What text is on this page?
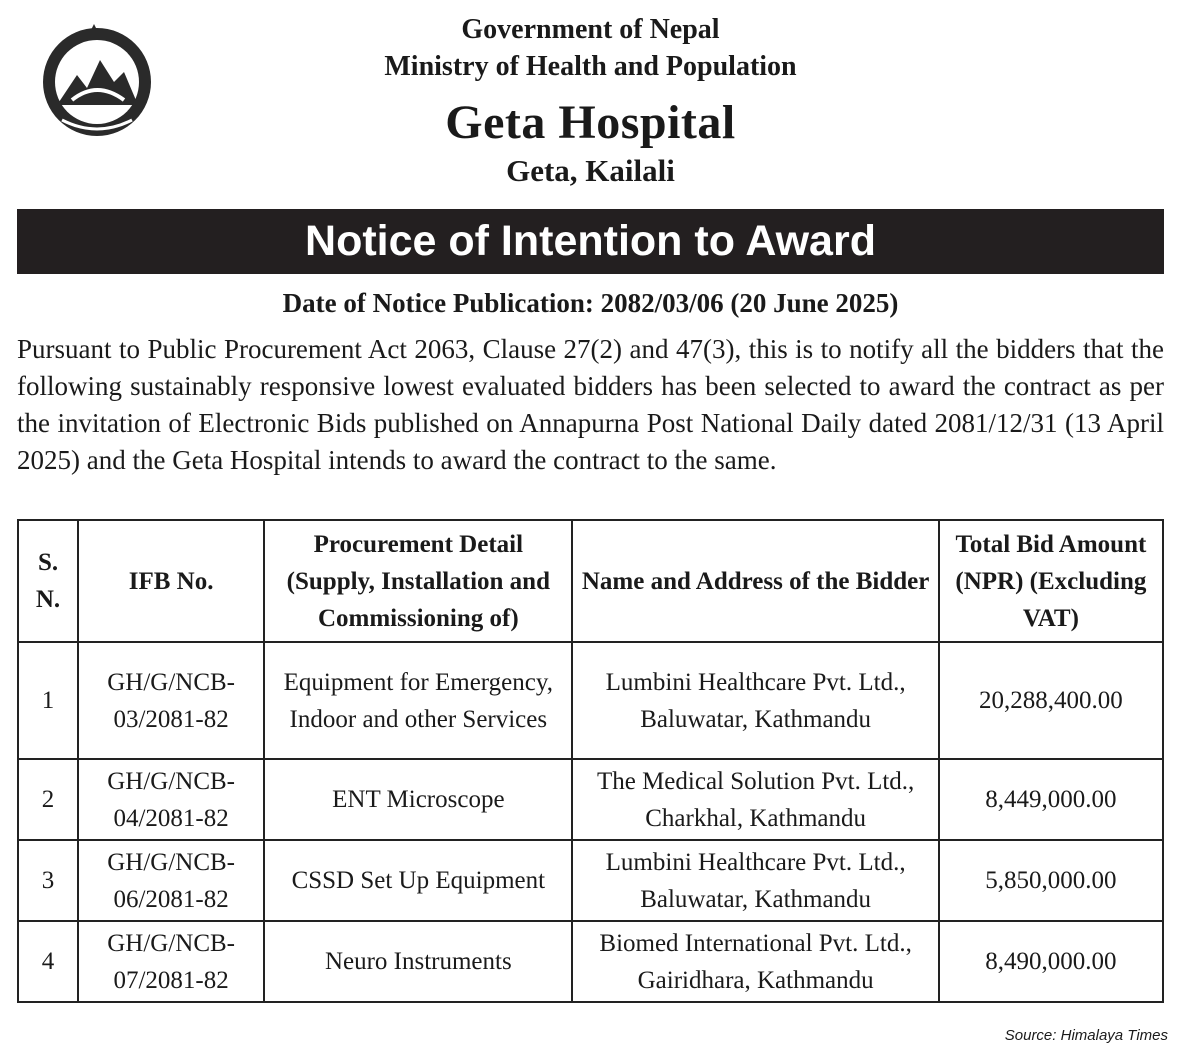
Government of Nepal
Ministry of Health and Population
Geta Hospital
Geta, Kailali
Notice of Intention to Award
Date of Notice Publication: 2082/03/06 (20 June 2025)
Pursuant to Public Procurement Act 2063, Clause 27(2) and 47(3), this is to notify all the bidders that the following sustainably responsive lowest evaluated bidders has been selected to award the contract as per the invitation of Electronic Bids published on Annapurna Post National Daily dated 2081/12/31 (13 April 2025) and the Geta Hospital intends to award the contract to the same.
S. N.	IFB No.	Procurement Detail (Supply, Installation and Commissioning of)	Name and Address of the Bidder	Total Bid Amount (NPR) (Excluding VAT)
1	GH/G/NCB-03/2081-82	Equipment for Emergency, Indoor and other Services	Lumbini Healthcare Pvt. Ltd., Baluwatar, Kathmandu	20,288,400.00
2	GH/G/NCB-04/2081-82	ENT Microscope	The Medical Solution Pvt. Ltd., Charkhal, Kathmandu	8,449,000.00
3	GH/G/NCB-06/2081-82	CSSD Set Up Equipment	Lumbini Healthcare Pvt. Ltd., Baluwatar, Kathmandu	5,850,000.00
4	GH/G/NCB-07/2081-82	Neuro Instruments	Biomed International Pvt. Ltd., Gairidhara, Kathmandu	8,490,000.00
Source: Himalaya Times
